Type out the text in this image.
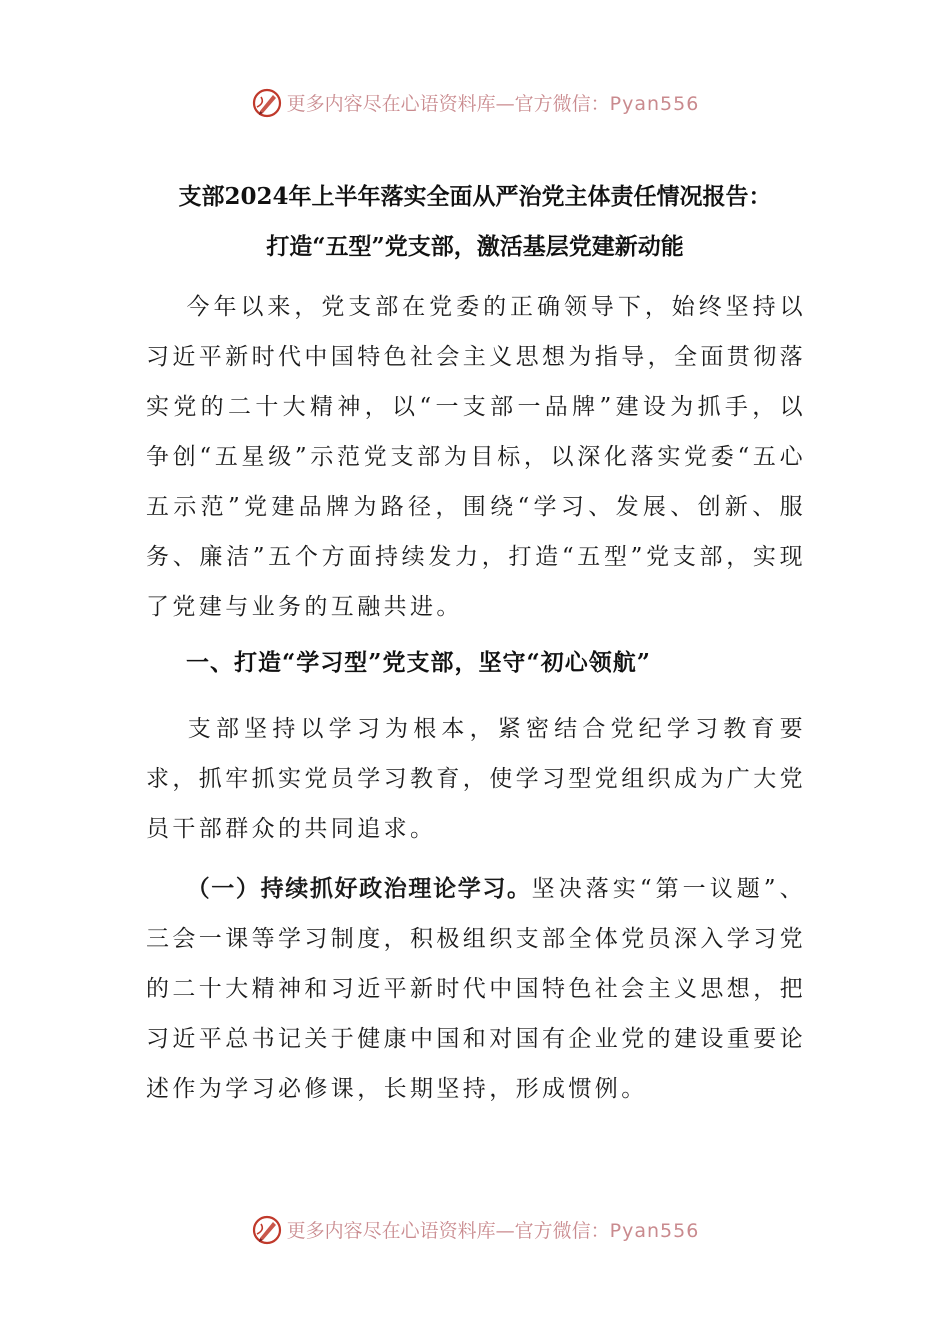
更多内容尽在心语资料库—官方微信：Pyan556
支部2024年上半年落实全面从严治党主体责任情况报告：
打造“五型”党支部，激活基层党建新动能
今年以来，党支部在党委的正确领导下，始终坚持以习近平新时代中国特色社会主义思想为指导，全面贯彻落实党的二十大精神，以“一支部一品牌”建设为抓手，以争创“五星级”示范党支部为目标，以深化落实党委“五心五示范”党建品牌为路径，围绕“学习、发展、创新、服务、廉洁”五个方面持续发力，打造“五型”党支部，实现了党建与业务的互融共进。
一、打造“学习型”党支部，坚守“初心领航”
支部坚持以学习为根本，紧密结合党纪学习教育要求，抓牢抓实党员学习教育，使学习型党组织成为广大党员干部群众的共同追求。
（一）持续抓好政治理论学习。坚决落实“第一议题”、三会一课等学习制度，积极组织支部全体党员深入学习党的二十大精神和习近平新时代中国特色社会主义思想，把习近平总书记关于健康中国和对国有企业党的建设重要论述作为学习必修课，长期坚持，形成惯例。
更多内容尽在心语资料库—官方微信：Pyan556
